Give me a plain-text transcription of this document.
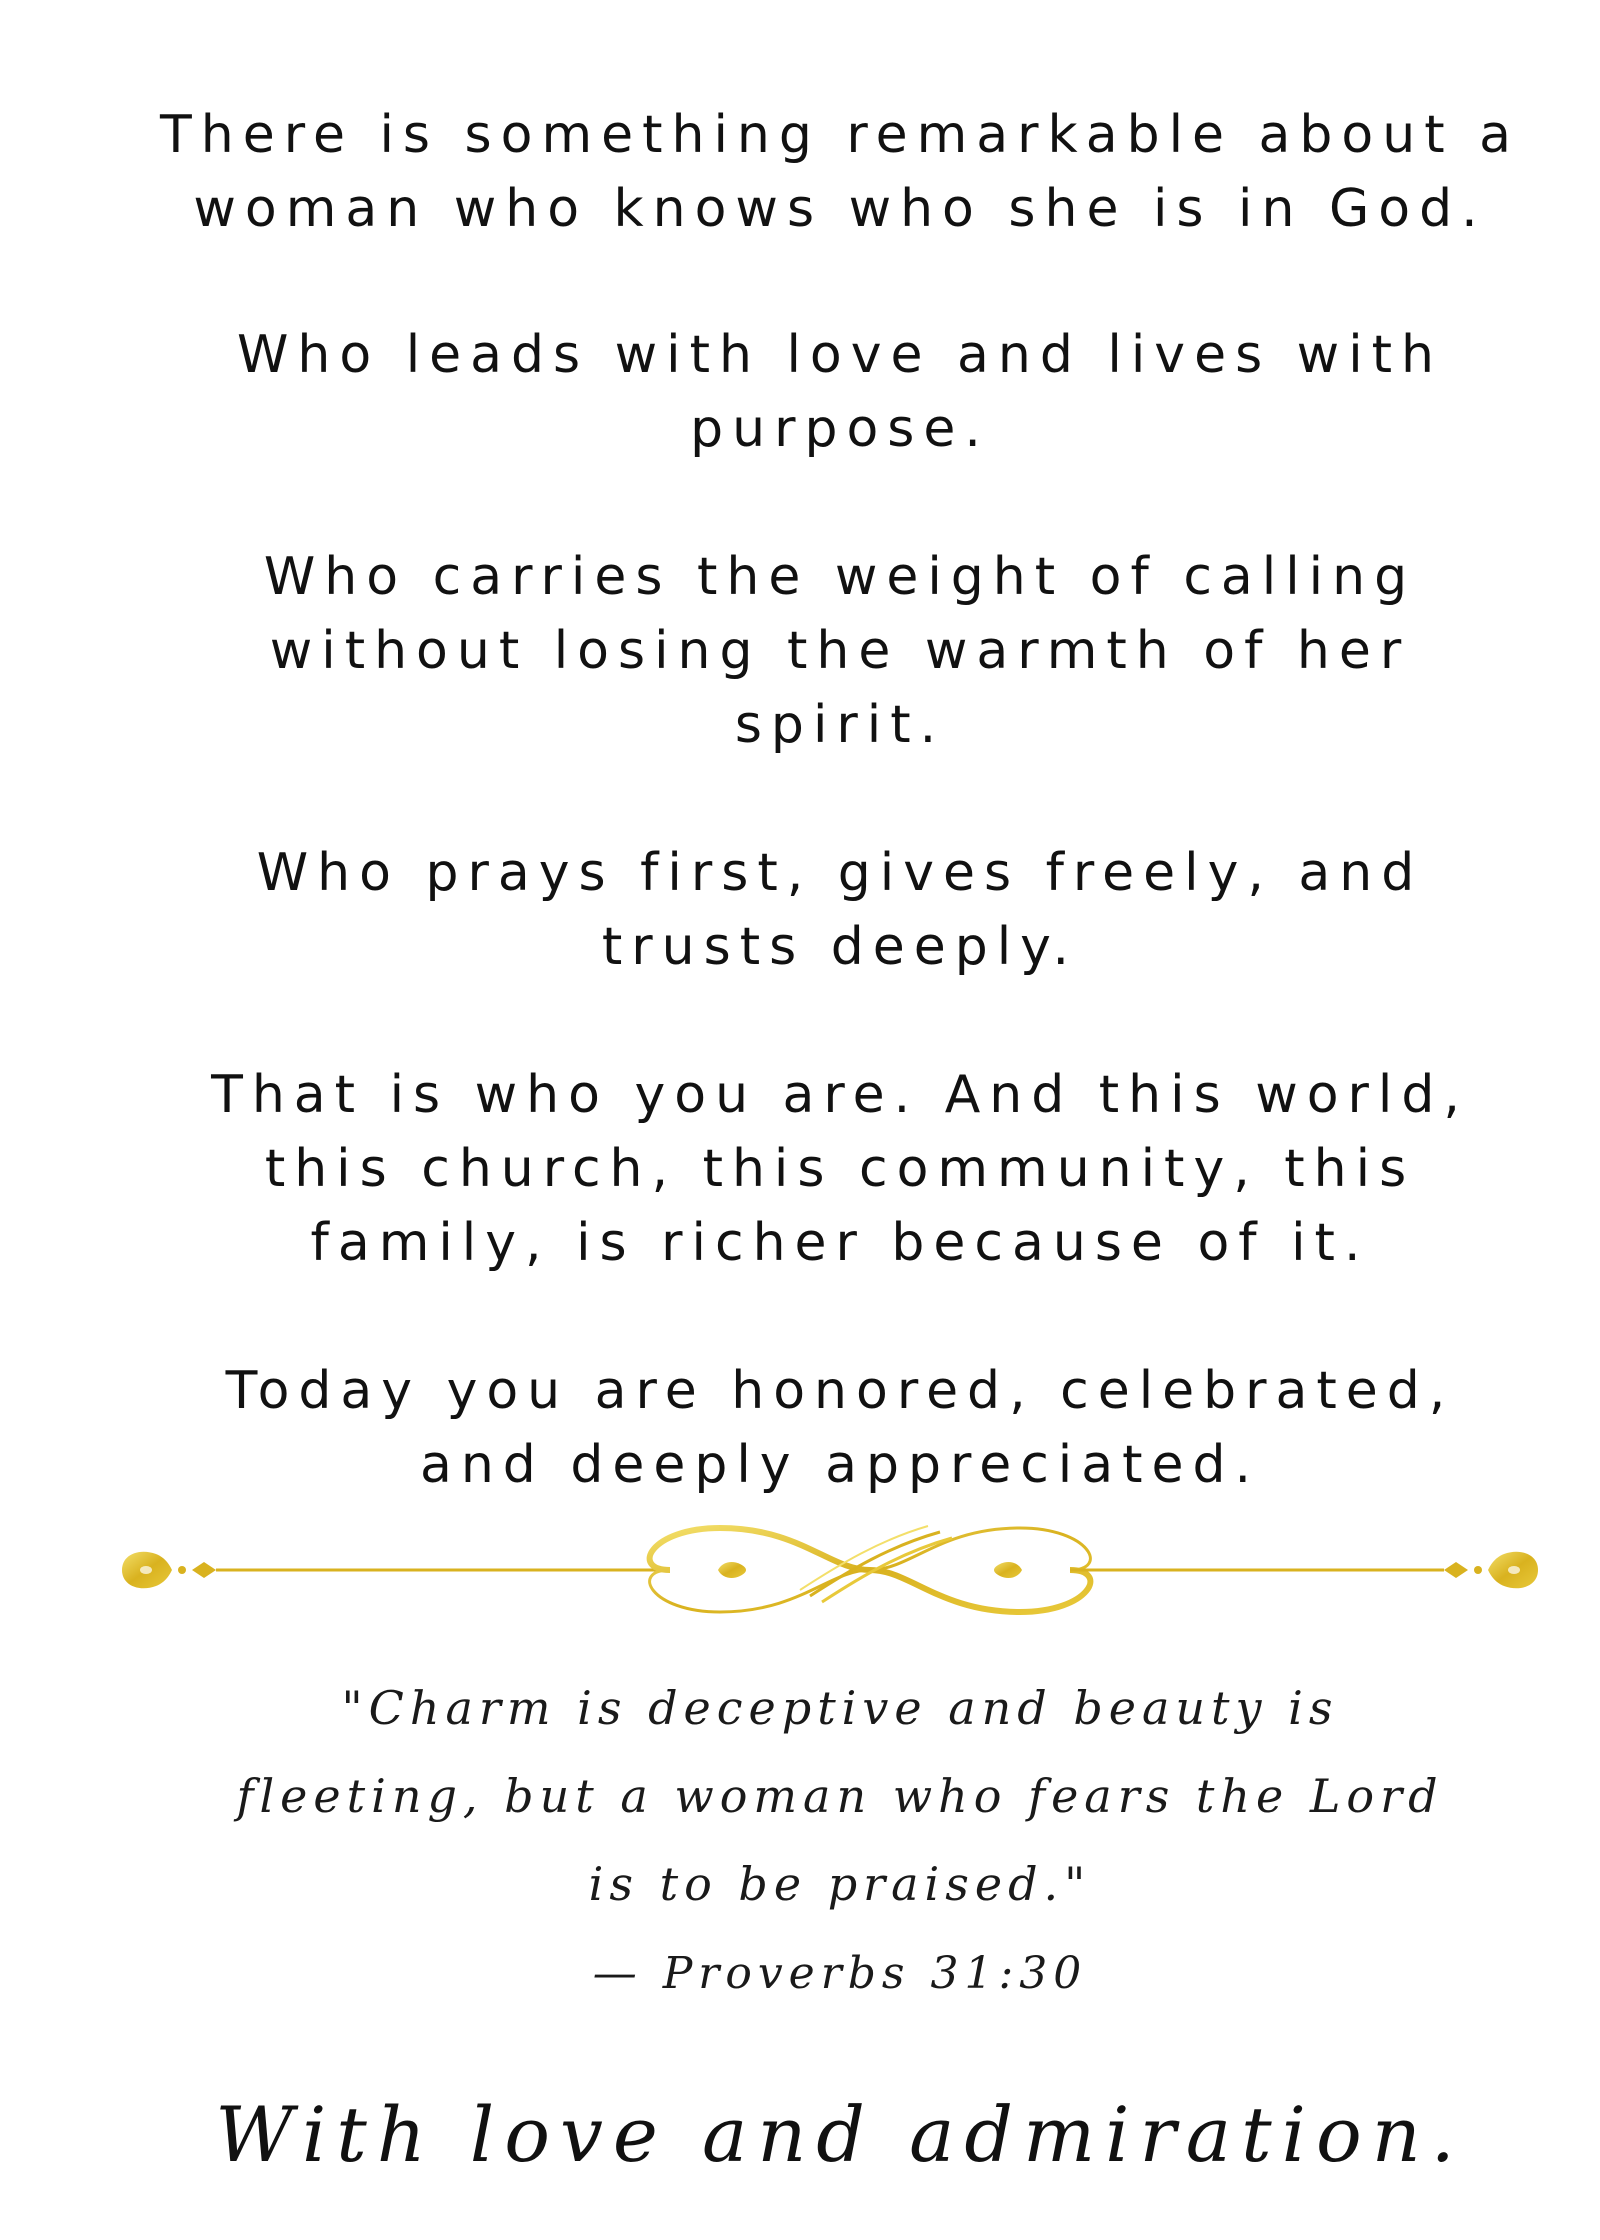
There is something remarkable about a
woman who knows who she is in God.

Who leads with love and lives with
purpose.

Who carries the weight of calling
without losing the warmth of her
spirit.

Who prays first, gives freely, and
trusts deeply.

That is who you are. And this world,
this church, this community, this
family, is richer because of it.

Today you are honored, celebrated,
and deeply appreciated.

"Charm is deceptive and beauty is
fleeting, but a woman who fears the Lord
is to be praised."

— Proverbs 31:30

With love and admiration.
